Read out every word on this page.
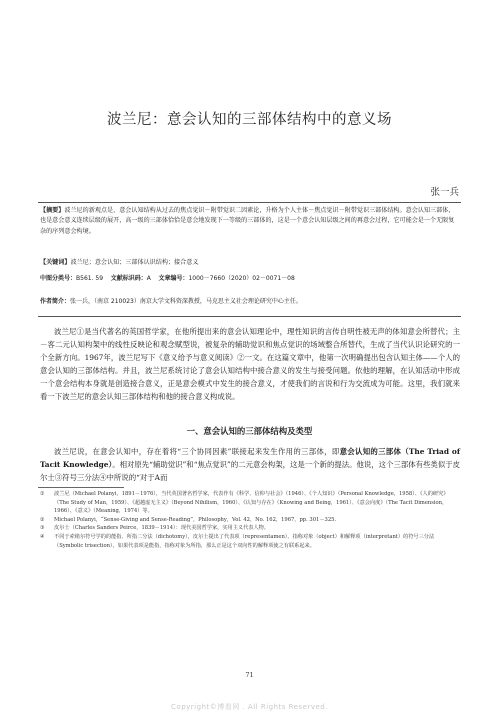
波兰尼：意会认知的三部体结构中的意义场
张一兵
【摘要】波兰尼的新观点是，意会认知结构从过去的焦点觉识－附带觉识二因素论，升格为个人主体－焦点觉识－附带觉识三部体结构。意会认知三部体，也是意会意义连续层级的展开，高一级的三部体恰恰是意会地发现下一等级的三部体的，这是一个意会认知层级之间的再意会过程，它可能会是一个无限复杂的序列意会构境。
【关键词】波兰尼；意会认知；三部体认识结构；接合意义
中图分类号：B561. 59 文献标识码：A 文章编号：1000－7660（2020）02－0071－08
作者简介：张一兵，（南京 210023）南京大学文科资深教授，马克思主义社会理论研究中心主任。

波兰尼①是当代著名的英国哲学家，在他所提出来的意会认知理论中，理性知识的言传自明性被无声的体知意会所替代；主－客二元认知构架中的线性反映论和观念赋型说，被复杂的辅助觉识和焦点觉识的场域整合所替代，生成了当代认识论研究的一个全新方向。1967年，波兰尼写下《意义给予与意义阅读》②一文。在这篇文章中，他第一次明确提出包含认知主体——个人的意会认知的三部体结构。并且，波兰尼系统讨论了意会认知结构中接合意义的发生与接受问题。依他的理解，在认知活动中形成一个意会结构本身就是创造接合意义，正是意会模式中发生的接合意义，才使我们的言说和行为交流成为可能。这里，我们就来看一下波兰尼的意会认知三部体结构和他的接合意义构成说。

一、意会认知的三部体结构及类型

波兰尼说，在意会认知中，存在着将“三个协同因素”联接起来发生作用的三部体，即意会认知的三部体（The Triad of Tacit Knowledge）。相对原先“辅助觉识”和“焦点觉识”的二元意会构架，这是一个新的提法。他说，这个三部体有些类似于皮尔士③符号三分法④中所说的“对于A而

①	波兰尼（Michael Polanyi，1891－1976），当代英国著名哲学家，代表作有《科学、信仰与社会》（1946）、《个人知识》（Personal Knowledge，1958）、《人的研究》（The Study of Man，1959）、《超越虚无主义》（Beyond Nihilism，1960）、《认知与存在》（Knowing and Being，1961）、《意会向度》（The Tacit Dimension，1966）、《意义》（Meaning，1974）等。
②	Michael Polanyi，“Sense-Giving and Sense-Reading”，Philosophy，Vol. 42，No. 162，1967，pp. 301－325.
③	皮尔士（Charles Sanders Peirce，1839－1914）：现代美国哲学家，实用主义代表人物。
④	不同于索绪尔符号学的的能指、所指二分法（dichotomy），皮尔士提出了代表项（representamen）、指称对象（object）和解释项（interpretant）的符号三分法（Symbolic trisection），如果代表项是能指，指称对象为所指，那么正是这个双向性的解释项使之有联系起来。
71
Copyright©博看网 . All Rights Reserved.
